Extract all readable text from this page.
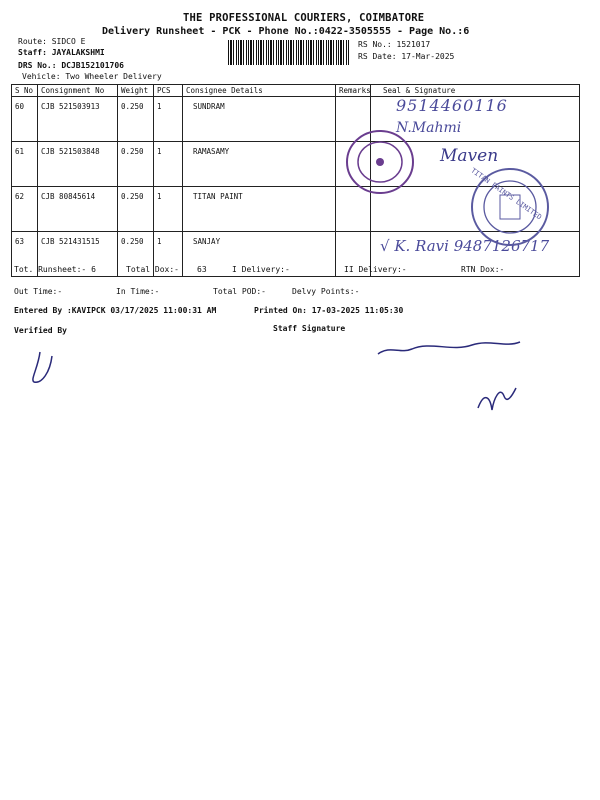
THE PROFESSIONAL COURIERS, COIMBATORE
Delivery Runsheet - PCK - Phone No.:0422-3505555 - Page No.:6
Route: SIDCO E
Staff: JAYALAKSHMI
DRS No.: DCJB152101706
Vehicle: Two Wheeler Delivery
RS No.: 1521017
RS Date: 17-Mar-2025
S No	Consignment No	Weight	PCS	Consignee Details	Remarks	Seal & Signature
60	CJB 521503913	0.250	1	SUNDRAM		
61	CJB 521503848	0.250	1	RAMASAMY		
62	CJB 80845614	0.250	1	TITAN PAINT		
63	CJB 521431515	0.250	1	SANJAY		
Tot. Runsheet:- 6	Total Dox:- 63	I Delivery:-	II Delivery:-	RTN Dox:-
Out Time:-	In Time:-	Total POD:-	Delvy Points:-
Entered By :KAVIPCK 03/17/2025 11:00:31 AM	Printed On: 17-03-2025 11:05:30
Verified By	Staff Signature
9514460116
N.Mahmi
Maven
√ K. Ravi 9487126717
TITAN PAINTS LIMITED
